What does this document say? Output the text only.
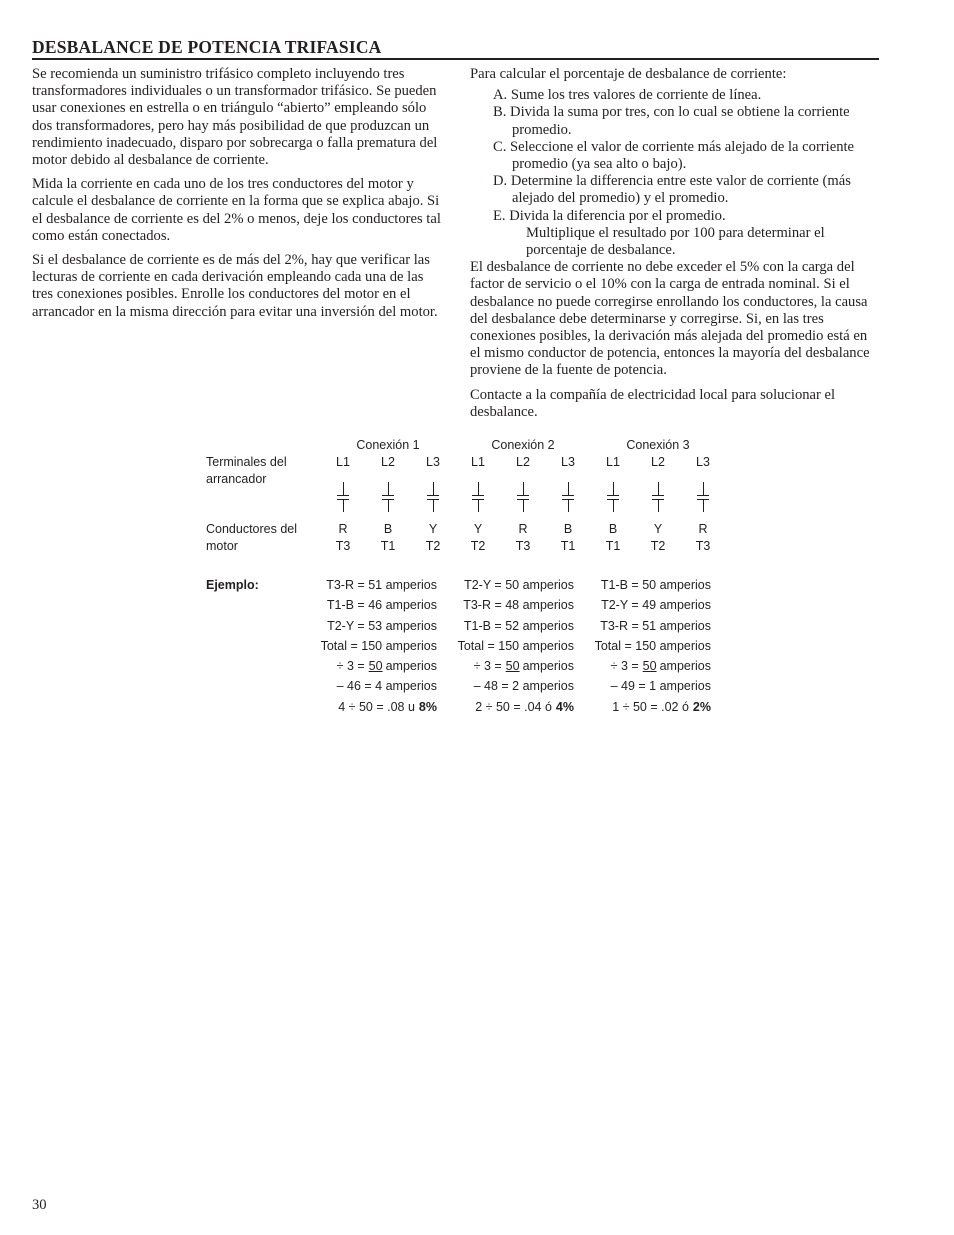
DESBALANCE DE POTENCIA TRIFASICA

Se recomienda un suministro trifásico completo incluyendo tres transformadores individuales o un transformador trifásico. Se pueden usar conexiones en estrella o en triángulo “abierto” empleando sólo dos transformadores, pero hay más posibilidad de que produzcan un rendimiento inadecuado, disparo por sobrecarga o falla prematura del motor debido al desbalance de corriente.

Mida la corriente en cada uno de los tres conductores del motor y calcule el desbalance de corriente en la forma que se explica abajo. Si el desbalance de corriente es del 2% o menos, deje los conductores tal como están conectados.

Si el desbalance de corriente es de más del 2%, hay que verificar las lecturas de corriente en cada derivación empleando cada una de las tres conexiones posibles. Enrolle los conductores del motor en el arrancador en la misma dirección para evitar una inversión del motor.

Para calcular el porcentaje de desbalance de corriente:
A. Sume los tres valores de corriente de línea.
B. Divida la suma por tres, con lo cual se obtiene la corriente promedio.
C. Seleccione el valor de corriente más alejado de la corriente promedio (ya sea alto o bajo).
D. Determine la differencia entre este valor de corriente (más alejado del promedio) y el promedio.
E. Divida la diferencia por el promedio.
Multiplique el resultado por 100 para determinar el porcentaje de desbalance.

El desbalance de corriente no debe exceder el 5% con la carga del factor de servicio o el 10% con la carga de entrada nominal. Si el desbalance no puede corregirse enrollando los conductores, la causa del desbalance debe determinarse y corregirse. Si, en las tres conexiones posibles, la derivación más alejada del promedio está en el mismo conductor de potencia, entonces la mayoría del desbalance proviene de la fuente de potencia.

Contacte a la compañía de electricidad local para solucionar el desbalance.

Terminales del
arrancador
Conductores del
motor
Ejemplo:
Conexión 1
L1
R
T3
L2
B
T1
L3
Y
T2
T3-R = 51 amperios
T1-B = 46 amperios
T2-Y = 53 amperios
Total = 150 amperios
÷ 3 = 50 amperios
– 46 = 4 amperios
4 ÷ 50 = .08 u 8%
Conexión 2
L1
Y
T2
L2
R
T3
L3
B
T1
T2-Y = 50 amperios
T3-R = 48 amperios
T1-B = 52 amperios
Total = 150 amperios
÷ 3 = 50 amperios
– 48 = 2 amperios
2 ÷ 50 = .04 ó 4%
Conexión 3
L1
B
T1
L2
Y
T2
L3
R
T3
T1-B = 50 amperios
T2-Y = 49 amperios
T3-R = 51 amperios
Total = 150 amperios
÷ 3 = 50 amperios
– 49 = 1 amperios
1 ÷ 50 = .02 ó 2%
30
